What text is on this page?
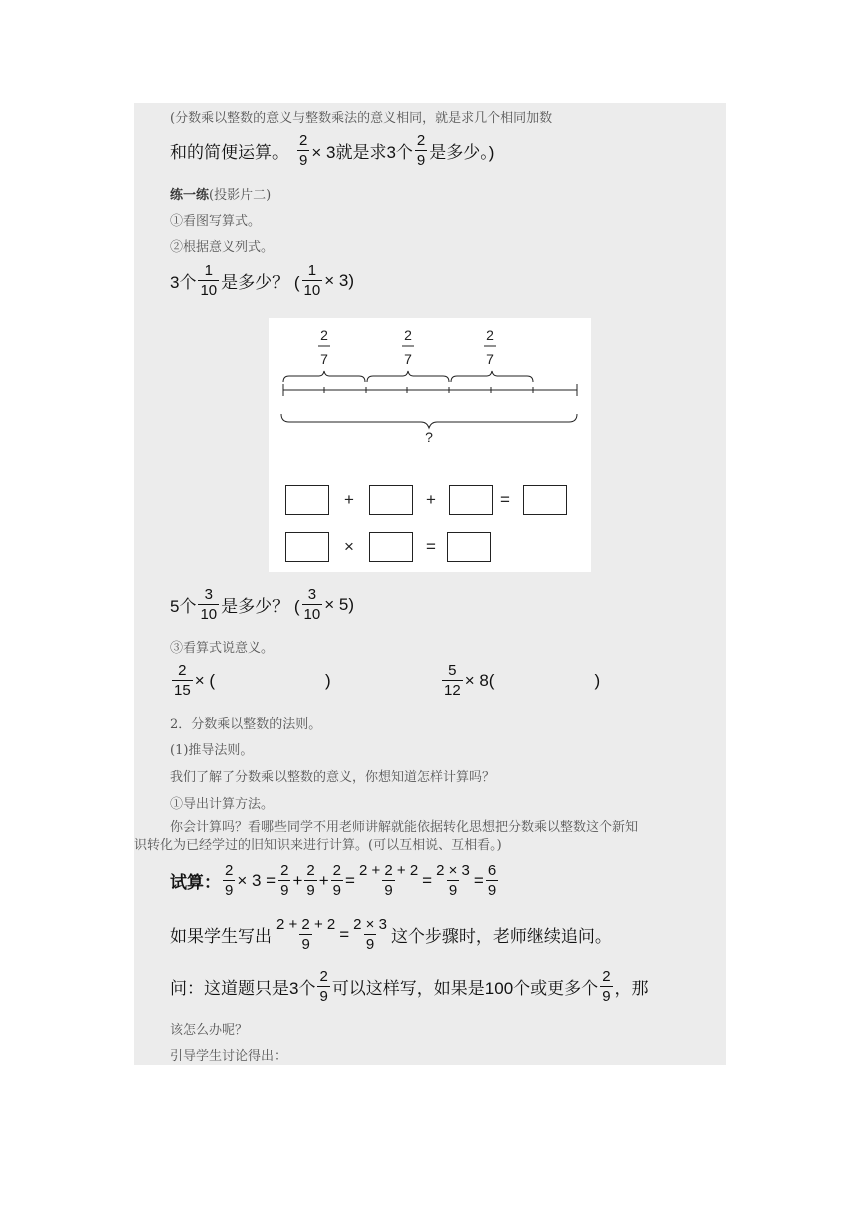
(分数乘以整数的意义与整数乘法的意义相同，就是求几个相同加数
和的简便运算。 $\frac{2}{9} \times 3$就是求3个 $\frac{2}{9}$ 是多少。)
练一练(投影片二)
①看图写算式。
②根据意义列式。
3个 $\frac{1}{10}$ 是多少？ ( $\frac{1}{10} \times 3$)
2
7
2
7
2
7
?
+	+	=
×	=
5个 $\frac{3}{10}$ 是多少？ ( $\frac{3}{10} \times 5$)
③看算式说意义。
$\frac{2}{15}$ × (	)	$\frac{5}{12} \times 8$(	)
2．分数乘以整数的法则。
(1)推导法则。
我们了解了分数乘以整数的意义，你想知道怎样计算吗？
①导出计算方法。
你会计算吗？看哪些同学不用老师讲解就能依据转化思想把分数乘以整数这个新知
识转化为已经学过的旧知识来进行计算。(可以互相说、互相看。)
试算： $\frac{2}{9} \times 3 = \frac{2}{9} + \frac{2}{9} + \frac{2}{9} = \frac{2 + 2 + 2}{9} = \frac{2 \times 3}{9} = \frac{6}{9}$
如果学生写出 $\frac{2 + 2 + 2}{9} = \frac{2 \times 3}{9}$ 这个步骤时，老师继续追问。
问：这道题只是3个 $\frac{2}{9}$ 可以这样写，如果是100个或更多个 $\frac{2}{9}$ ，那
该怎么办呢？
引导学生讨论得出：
